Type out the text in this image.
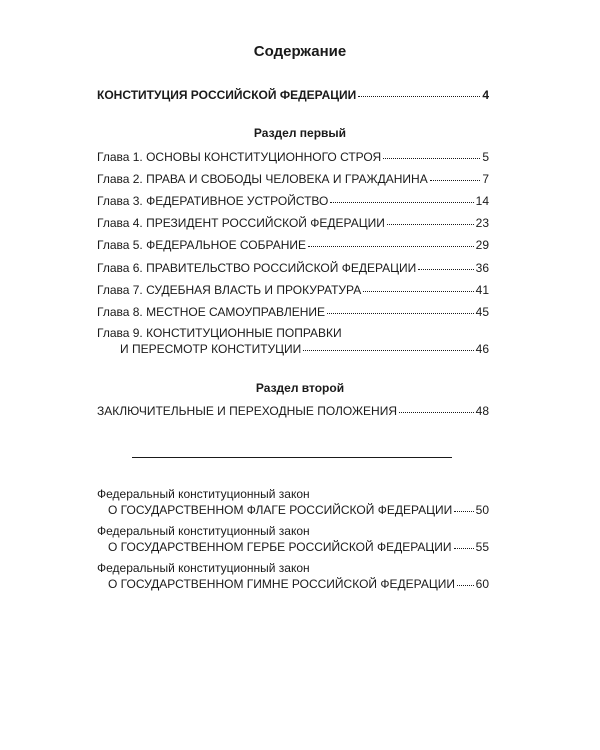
Содержание
КОНСТИТУЦИЯ РОССИЙСКОЙ ФЕДЕРАЦИИ	4
Раздел первый
Глава 1. ОСНОВЫ КОНСТИТУЦИОННОГО СТРОЯ	5
Глава 2. ПРАВА И СВОБОДЫ ЧЕЛОВЕКА И ГРАЖДАНИНА	7
Глава 3. ФЕДЕРАТИВНОЕ УСТРОЙСТВО	14
Глава 4. ПРЕЗИДЕНТ РОССИЙСКОЙ ФЕДЕРАЦИИ	23
Глава 5. ФЕДЕРАЛЬНОЕ СОБРАНИЕ	29
Глава 6. ПРАВИТЕЛЬСТВО РОССИЙСКОЙ ФЕДЕРАЦИИ	36
Глава 7. СУДЕБНАЯ ВЛАСТЬ И ПРОКУРАТУРА	41
Глава 8. МЕСТНОЕ САМОУПРАВЛЕНИЕ	45
Глава 9. КОНСТИТУЦИОННЫЕ ПОПРАВКИ
И ПЕРЕСМОТР КОНСТИТУЦИИ	46
Раздел второй
ЗАКЛЮЧИТЕЛЬНЫЕ И ПЕРЕХОДНЫЕ ПОЛОЖЕНИЯ	48
Федеральный конституционный закон
О ГОСУДАРСТВЕННОМ ФЛАГЕ РОССИЙСКОЙ ФЕДЕРАЦИИ 50
Федеральный конституционный закон
О ГОСУДАРСТВЕННОМ ГЕРБЕ РОССИЙСКОЙ ФЕДЕРАЦИИ 55
Федеральный конституционный закон
О ГОСУДАРСТВЕННОМ ГИМНЕ РОССИЙСКОЙ ФЕДЕРАЦИИ 60
